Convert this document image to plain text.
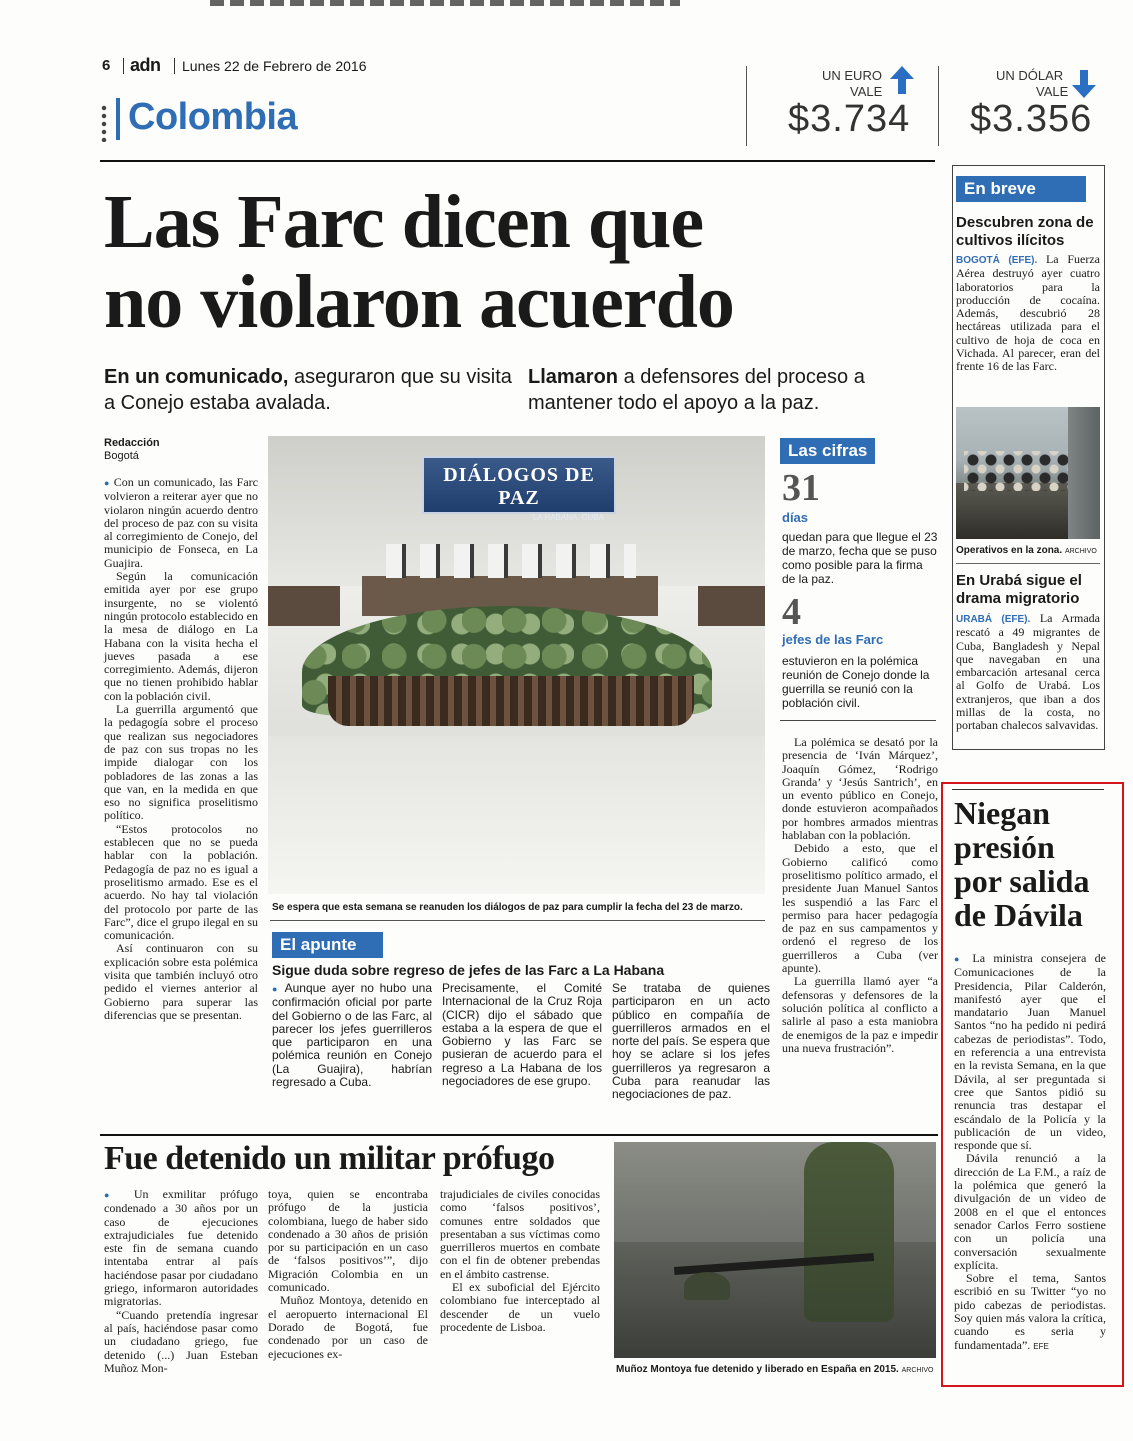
6 adn Lunes 22 de Febrero de 2016
Colombia
UN EURO
VALE
$3.734
UN DÓLAR
VALE
$3.356
Las Farc dicen que
no violaron acuerdo
En un comunicado, aseguraron que su visita a Conejo estaba avalada.
Llamaron a defensores del proceso a mantener todo el apoyo a la paz.
Redacción
Bogotá

● Con un comunicado, las Farc volvieron a reiterar ayer que no violaron ningún acuerdo dentro del proceso de paz con su visita al corregimiento de Conejo, del municipio de Fonseca, en La Guajira.

Según la comunicación emitida ayer por ese grupo insurgente, no se violentó ningún protocolo establecido en la mesa de diálogo en La Habana con la visita hecha el jueves pasada a ese corregimiento. Además, dijeron que no tienen prohibido hablar con la población civil.

La guerrilla argumentó que la pedagogía sobre el proceso que realizan sus negociadores de paz con sus tropas no les impide dialogar con los pobladores de las zonas a las que van, en la medida en que eso no significa proselitismo político.

“Estos protocolos no establecen que no se pueda hablar con la población. Pedagogía de paz no es igual a proselitismo armado. Ese es el acuerdo. No hay tal violación del protocolo por parte de las Farc”, dice el grupo ilegal en su comunicación.

Así continuaron con su explicación sobre esta polémica visita que también incluyó otro pedido el viernes anterior al Gobierno para superar las diferencias que se presentan.

DIÁLOGOS DE PAZ
LA HABANA, CUBA
Se espera que esta semana se reanuden los diálogos de paz para cumplir la fecha del 23 de marzo.
Las cifras
31
días
quedan para que llegue el 23 de marzo, fecha que se puso como posible para la firma de la paz.
4
jefes de las Farc
estuvieron en la polémica reunión de Conejo donde la guerrilla se reunió con la población civil.

La polémica se desató por la presencia de ‘Iván Márquez’, Joaquín Gómez, ‘Rodrigo Granda’ y ‘Jesús Santrich’, en un evento público en Conejo, donde estuvieron acompañados por hombres armados mientras hablaban con la población.

Debido a esto, que el Gobierno calificó como proselitismo político armado, el presidente Juan Manuel Santos les suspendió a las Farc el permiso para hacer pedagogía de paz en sus campamentos y ordenó el regreso de los guerrilleros a Cuba (ver apunte).

La guerrilla llamó ayer “a defensoras y defensores de la solución política al conflicto a salirle al paso a esta maniobra de enemigos de la paz e impedir una nueva frustración”.

El apunte
Sigue duda sobre regreso de jefes de las Farc a La Habana

● Aunque ayer no hubo una confirmación oficial por parte del Gobierno o de las Farc, al parecer los jefes guerrilleros que participaron en una polémica reunión en Conejo (La Guajira), habrían regresado a Cuba.

Precisamente, el Comité Internacional de la Cruz Roja (CICR) dijo el sábado que estaba a la espera de que el Gobierno y las Farc se pusieran de acuerdo para el regreso a La Habana de los negociadores de ese grupo.

Se trataba de quienes participaron en un acto público en compañía de guerrilleros armados en el norte del país. Se espera que hoy se aclare si los jefes guerrilleros ya regresaron a Cuba para reanudar las negociaciones de paz.

En breve
Descubren zona de cultivos ilícitos
BOGOTÁ (EFE). La Fuerza Aérea destruyó ayer cuatro laboratorios para la producción de cocaína. Además, descubrió 28 hectáreas utilizada para el cultivo de hoja de coca en Vichada. Al parecer, eran del frente 16 de las Farc.
Operativos en la zona. ARCHIVO
En Urabá sigue el drama migratorio
URABÁ (EFE). La Armada rescató a 49 migrantes de Cuba, Bangladesh y Nepal que navegaban en una embarcación artesanal cerca al Golfo de Urabá. Los extranjeros, que iban a dos millas de la costa, no portaban chalecos salvavidas.
Niegan presión por salida de Dávila

● La ministra consejera de Comunicaciones de la Presidencia, Pilar Calderón, manifestó ayer que el mandatario Juan Manuel Santos “no ha pedido ni pedirá cabezas de periodistas”. Todo, en referencia a una entrevista en la revista Semana, en la que Dávila, al ser preguntada si cree que Santos pidió su renuncia tras destapar el escándalo de la Policía y la publicación de un video, responde que sí.

Dávila renunció a la dirección de La F.M., a raíz de la polémica que generó la divulgación de un video de 2008 en el que el entonces senador Carlos Ferro sostiene con un policía una conversación sexualmente explícita.

Sobre el tema, Santos escribió en su Twitter “yo no pido cabezas de periodistas. Soy quien más valora la crítica, cuando es seria y fundamentada”. EFE

Fue detenido un militar prófugo

● Un exmilitar prófugo condenado a 30 años por un caso de ejecuciones extrajudiciales fue detenido este fin de semana cuando intentaba entrar al país haciéndose pasar por ciudadano griego, informaron autoridades migratorias.

“Cuando pretendía ingresar al país, haciéndose pasar como un ciudadano griego, fue detenido (...) Juan Esteban Muñoz Mon-

toya, quien se encontraba prófugo de la justicia colombiana, luego de haber sido condenado a 30 años de prisión por su participación en un caso de ‘falsos positivos’”, dijo Migración Colombia en un comunicado.

Muñoz Montoya, detenido en el aeropuerto internacional El Dorado de Bogotá, fue condenado por un caso de ejecuciones ex-

trajudiciales de civiles conocidas como ‘falsos positivos’, comunes entre soldados que presentaban a sus víctimas como guerrilleros muertos en combate con el fin de obtener prebendas en el ámbito castrense.

El ex suboficial del Ejército colombiano fue interceptado al descender de un vuelo procedente de Lisboa.

Muñoz Montoya fue detenido y liberado en España en 2015. ARCHIVO
